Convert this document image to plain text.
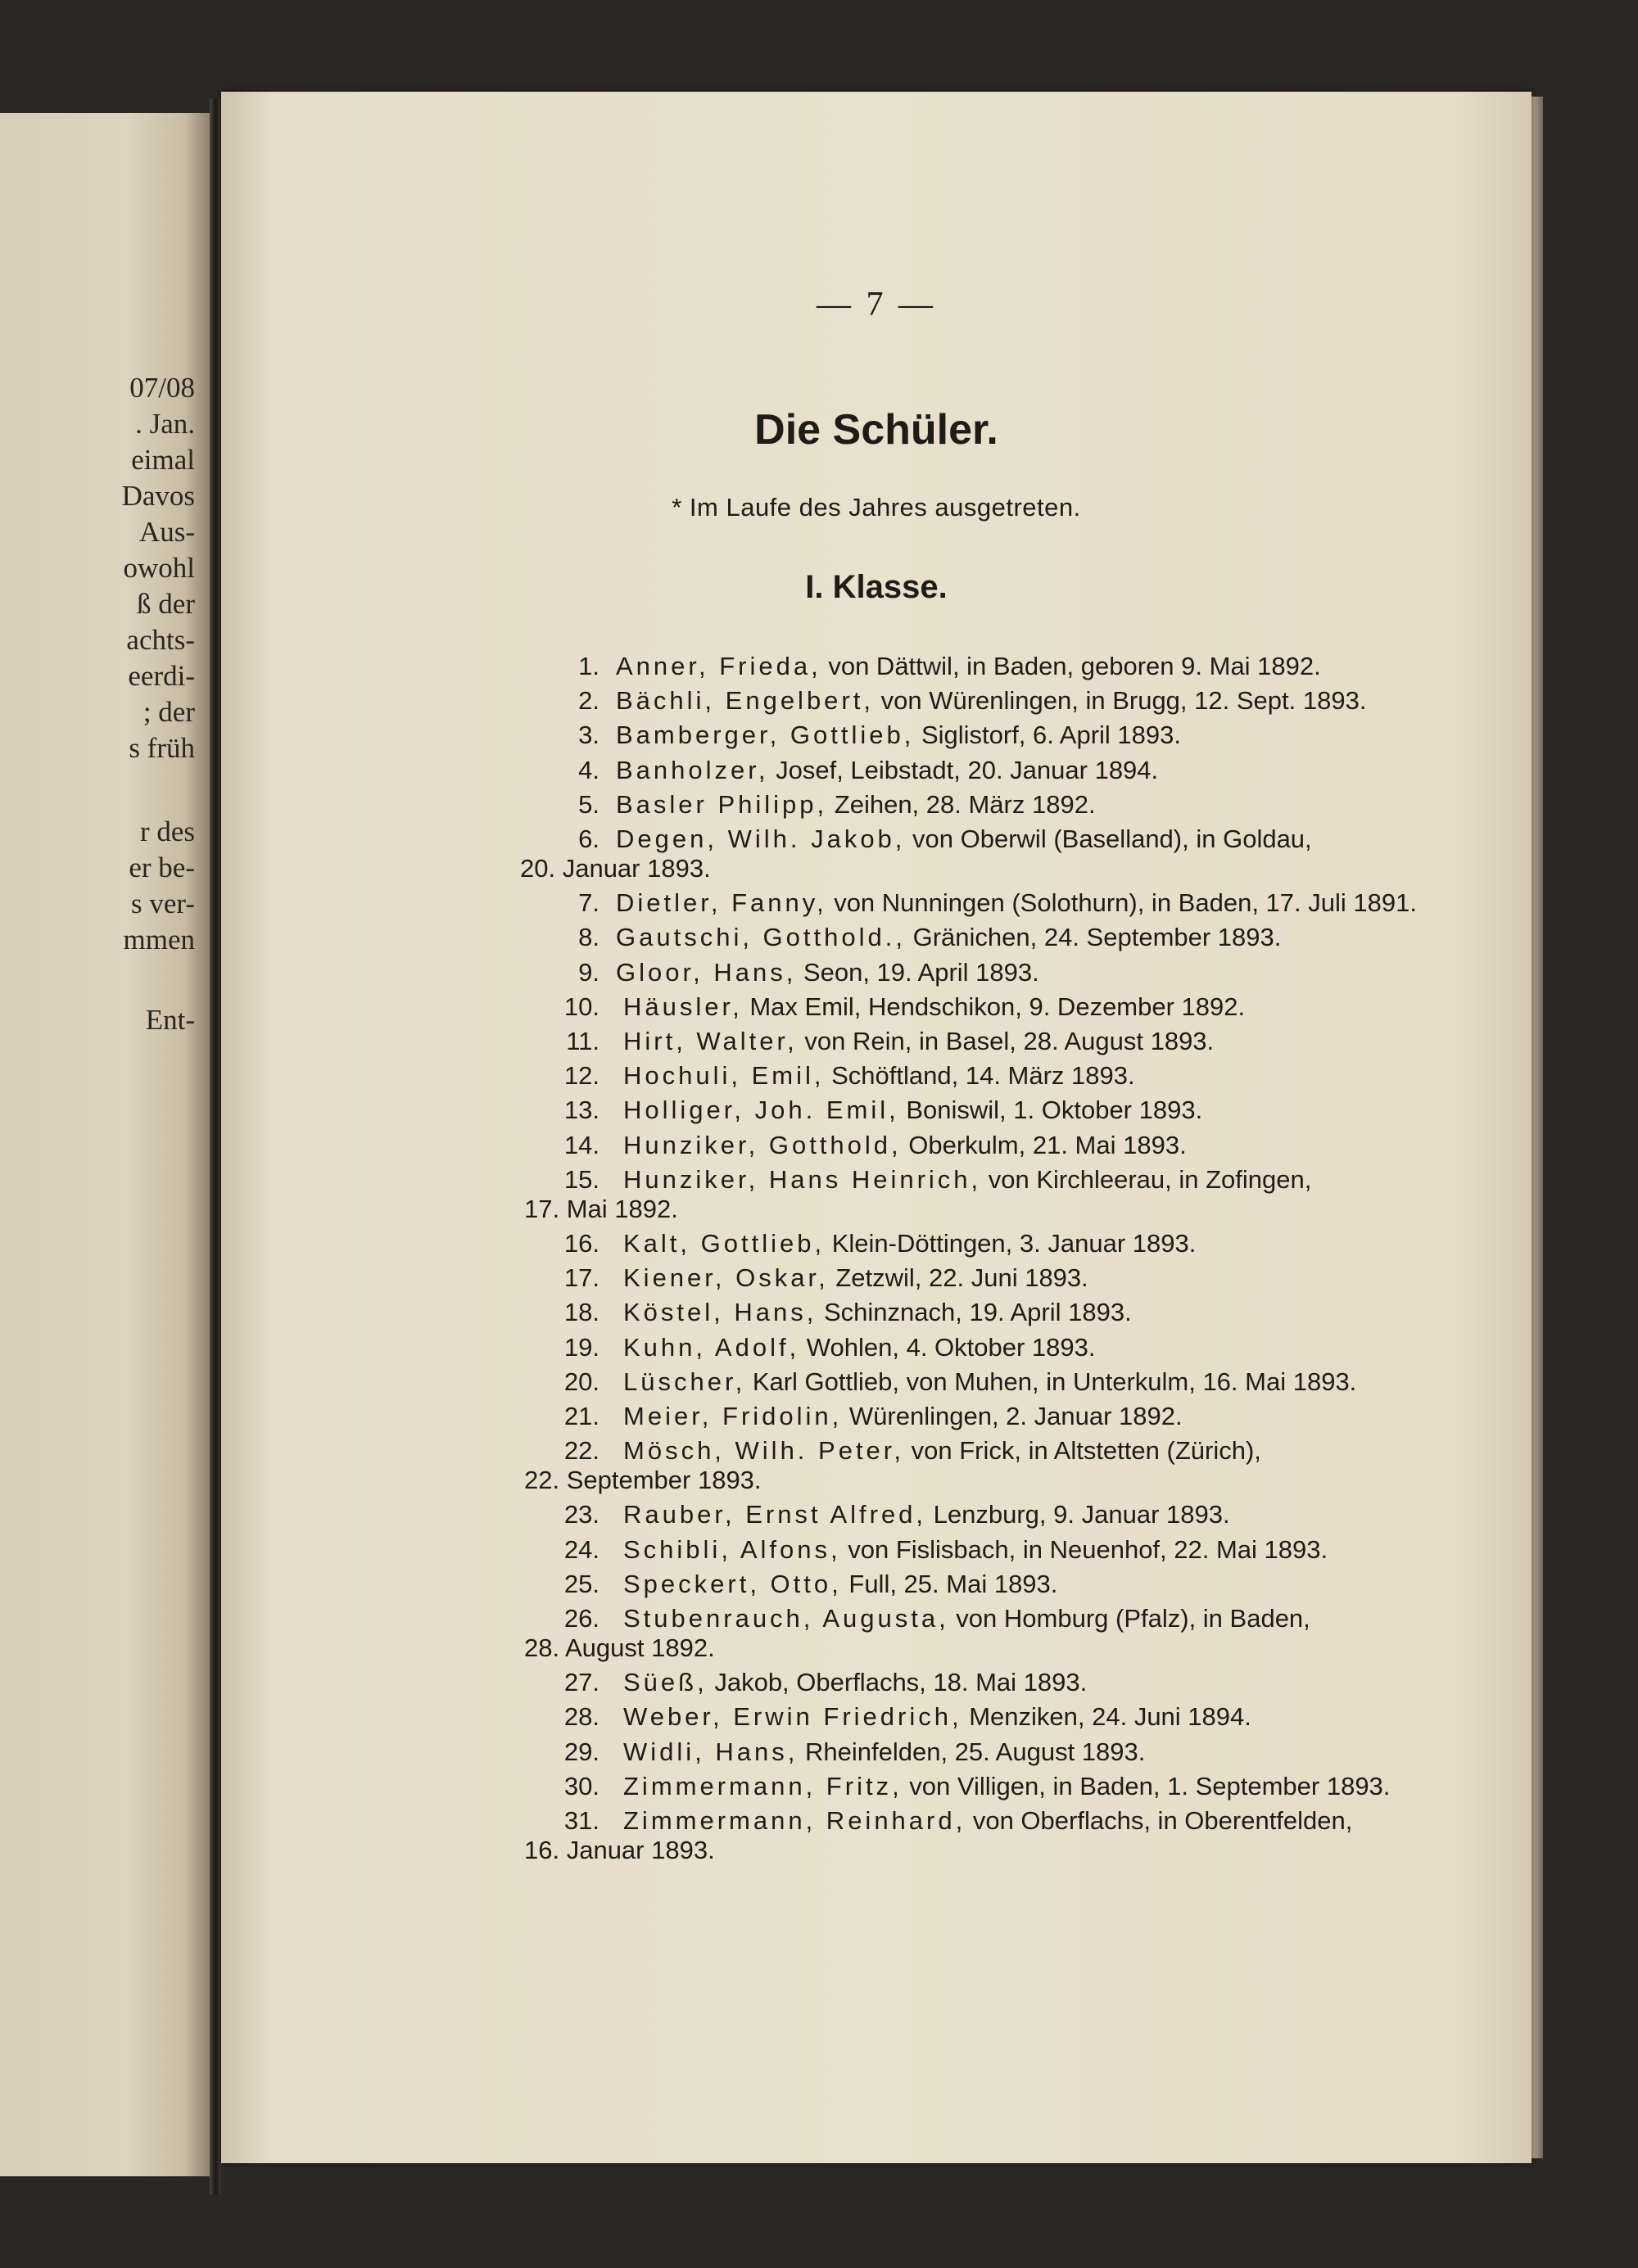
07/08
. Jan.
eimal
Davos
Aus-
owohl
ß der
achts-
eerdi-
; der
s früh
r des
er be-
s ver-
mmen
Ent-
— 7 —
Die Schüler.
* Im Laufe des Jahres ausgetreten.
I. Klasse.
1. Anner, Frieda, von Dättwil, in Baden, geboren 9. Mai 1892.
2. Bächli, Engelbert, von Würenlingen, in Brugg, 12. Sept. 1893.
3. Bamberger, Gottlieb, Siglistorf, 6. April 1893.
4. Banholzer, Josef, Leibstadt, 20. Januar 1894.
5. Basler Philipp, Zeihen, 28. März 1892.
6. Degen, Wilh. Jakob, von Oberwil (Baselland), in Goldau,
20. Januar 1893.
7. Dietler, Fanny, von Nunningen (Solothurn), in Baden, 17. Juli 1891.
8. Gautschi, Gotthold., Gränichen, 24. September 1893.
9. Gloor, Hans, Seon, 19. April 1893.
10. Häusler, Max Emil, Hendschikon, 9. Dezember 1892.
11. Hirt, Walter, von Rein, in Basel, 28. August 1893.
12. Hochuli, Emil, Schöftland, 14. März 1893.
13. Holliger, Joh. Emil, Boniswil, 1. Oktober 1893.
14. Hunziker, Gotthold, Oberkulm, 21. Mai 1893.
15. Hunziker, Hans Heinrich, von Kirchleerau, in Zofingen,
17. Mai 1892.
16. Kalt, Gottlieb, Klein-Döttingen, 3. Januar 1893.
17. Kiener, Oskar, Zetzwil, 22. Juni 1893.
18. Köstel, Hans, Schinznach, 19. April 1893.
19. Kuhn, Adolf, Wohlen, 4. Oktober 1893.
20. Lüscher, Karl Gottlieb, von Muhen, in Unterkulm, 16. Mai 1893.
21. Meier, Fridolin, Würenlingen, 2. Januar 1892.
22. Mösch, Wilh. Peter, von Frick, in Altstetten (Zürich),
22. September 1893.
23. Rauber, Ernst Alfred, Lenzburg, 9. Januar 1893.
24. Schibli, Alfons, von Fislisbach, in Neuenhof, 22. Mai 1893.
25. Speckert, Otto, Full, 25. Mai 1893.
26. Stubenrauch, Augusta, von Homburg (Pfalz), in Baden,
28. August 1892.
27. Süeß, Jakob, Oberflachs, 18. Mai 1893.
28. Weber, Erwin Friedrich, Menziken, 24. Juni 1894.
29. Widli, Hans, Rheinfelden, 25. August 1893.
30. Zimmermann, Fritz, von Villigen, in Baden, 1. September 1893.
31. Zimmermann, Reinhard, von Oberflachs, in Oberentfelden,
16. Januar 1893.
